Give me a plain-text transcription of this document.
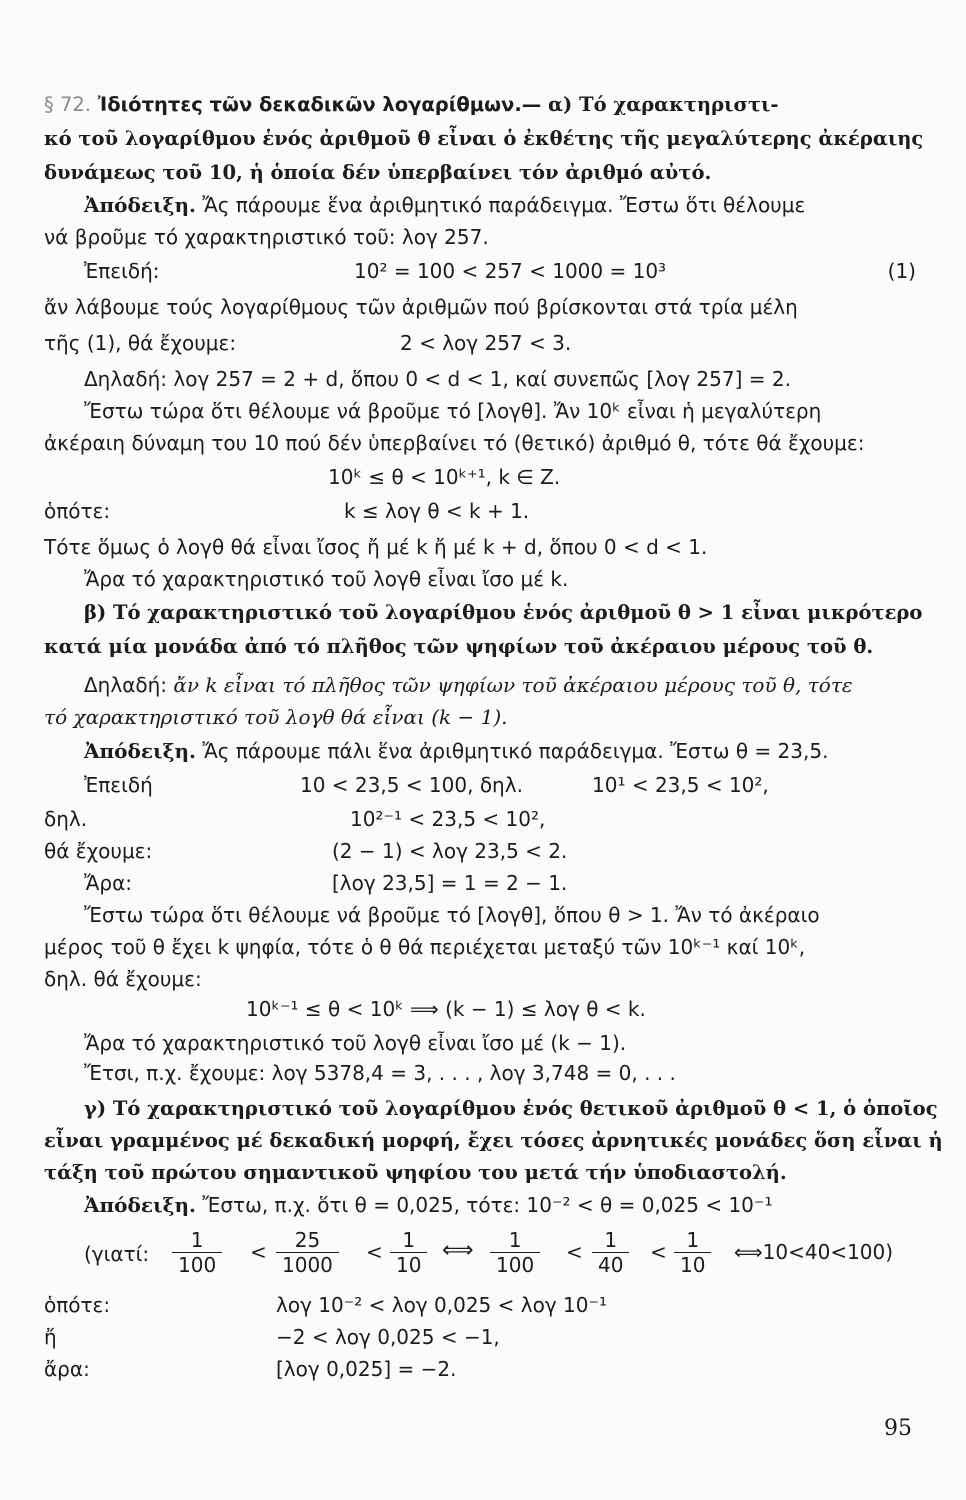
§ 72. Ἰδιότητες τῶν δεκαδικῶν λογαρίθμων.— α) Τό χαρακτηριστι-
κό τοῦ λογαρίθμου ἑνός ἀριθμοῦ θ εἶναι ὁ ἐκθέτης τῆς μεγαλύτερης ἀκέραιης
δυνάμεως τοῦ 10, ἡ ὁποία δέν ὑπερβαίνει τόν ἀριθμό αὐτό.
Ἀπόδειξη. Ἄς πάρουμε ἕνα ἀριθμητικό παράδειγμα. Ἔστω ὅτι θέλουμε
νά βροῦμε τό χαρακτηριστικό τοῦ: λογ 257.
Ἐπειδή:	10² = 100 < 257 < 1000 = 10³	(1)
ἄν λάβουμε τούς λογαρίθμους τῶν ἀριθμῶν πού βρίσκονται στά τρία μέλη
τῆς (1), θά ἔχουμε:	2 < λογ 257 < 3.
Δηλαδή: λογ 257 = 2 + d, ὅπου 0 < d < 1, καί συνεπῶς [λογ 257] = 2.
Ἔστω τώρα ὅτι θέλουμε νά βροῦμε τό [λογθ]. Ἄν 10ᵏ εἶναι ἡ μεγαλύτερη
ἀκέραιη δύναμη του 10 πού δέν ὑπερβαίνει τό (θετικό) ἀριθμό θ, τότε θά ἔχουμε:
10ᵏ ≤ θ < 10ᵏ⁺¹, k ∈ Z.
ὁπότε:	k ≤ λογ θ < k + 1.
Τότε ὅμως ὁ λογθ θά εἶναι ἴσος ἤ μέ k ἤ μέ k + d, ὅπου 0 < d < 1.
Ἄρα τό χαρακτηριστικό τοῦ λογθ εἶναι ἴσο μέ k.
β) Τό χαρακτηριστικό τοῦ λογαρίθμου ἑνός ἀριθμοῦ θ > 1 εἶναι μικρότερο
κατά μία μονάδα ἀπό τό πλῆθος τῶν ψηφίων τοῦ ἀκέραιου μέρους τοῦ θ.
Δηλαδή: ἄν k εἶναι τό πλῆθος τῶν ψηφίων τοῦ ἀκέραιου μέρους τοῦ θ, τότε
τό χαρακτηριστικό τοῦ λογθ θά εἶναι (k − 1).
Ἀπόδειξη. Ἄς πάρουμε πάλι ἕνα ἀριθμητικό παράδειγμα. Ἔστω θ = 23,5.
Ἐπειδή	10 < 23,5 < 100, δηλ.	10¹ < 23,5 < 10²,
δηλ.	10²⁻¹ < 23,5 < 10²,
θά ἔχουμε:	(2 − 1) < λογ 23,5 < 2.
Ἄρα:	[λογ 23,5] = 1 = 2 − 1.
Ἔστω τώρα ὅτι θέλουμε νά βροῦμε τό [λογθ], ὅπου θ > 1. Ἄν τό ἀκέραιο
μέρος τοῦ θ ἔχει k ψηφία, τότε ὁ θ θά περιέχεται μεταξύ τῶν 10ᵏ⁻¹ καί 10ᵏ,
δηλ. θά ἔχουμε:
10ᵏ⁻¹ ≤ θ < 10ᵏ ⟹ (k − 1) ≤ λογ θ < k.
Ἄρα τό χαρακτηριστικό τοῦ λογθ εἶναι ἴσο μέ (k − 1).
Ἔτσι, π.χ. ἔχουμε: λογ 5378,4 = 3, . . . , λογ 3,748 = 0, . . .
γ) Τό χαρακτηριστικό τοῦ λογαρίθμου ἑνός θετικοῦ ἀριθμοῦ θ < 1, ὁ ὁποῖος
εἶναι γραμμένος μέ δεκαδική μορφή, ἔχει τόσες ἀρνητικές μονάδες ὅση εἶναι ἡ
τάξη τοῦ πρώτου σημαντικοῦ ψηφίου του μετά τήν ὑποδιαστολή.
Ἀπόδειξη. Ἔστω, π.χ. ὅτι θ = 0,025, τότε: 10⁻² < θ = 0,025 < 10⁻¹
(γιατί: $\frac{1}{100} < \frac{25}{1000} < \frac{1}{10}$ ⟺ $\frac{1}{100} < \frac{1}{40} < \frac{1}{10}$ ⟺10<40<100)
ὁπότε:	λογ 10⁻² < λογ 0,025 < λογ 10⁻¹
ἤ	−2 < λογ 0,025 < −1,
ἄρα:	[λογ 0,025] = −2.
95
